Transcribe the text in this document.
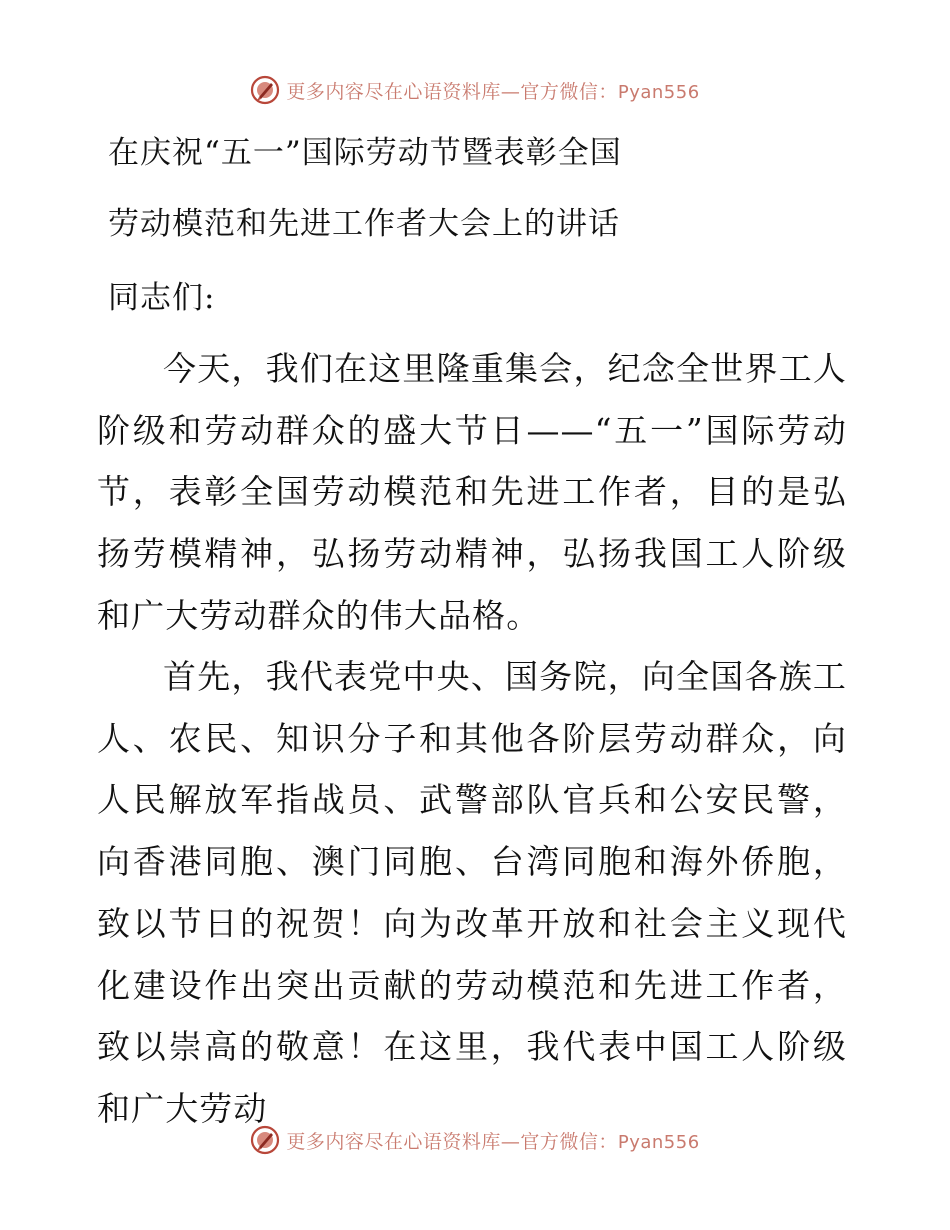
更多内容尽在心语资料库—官方微信：Pyan556
在庆祝“五一”国际劳动节暨表彰全国
劳动模范和先进工作者大会上的讲话
同志们:

今天，我们在这里隆重集会，纪念全世界工人阶级和劳动群众的盛大节日——“五一”国际劳动节，表彰全国劳动模范和先进工作者，目的是弘扬劳模精神，弘扬劳动精神，弘扬我国工人阶级和广大劳动群众的伟大品格。

首先，我代表党中央、国务院，向全国各族工人、农民、知识分子和其他各阶层劳动群众，向人民解放军指战员、武警部队官兵和公安民警，向香港同胞、澳门同胞、台湾同胞和海外侨胞，致以节日的祝贺！向为改革开放和社会主义现代化建设作出突出贡献的劳动模范和先进工作者，致以崇高的敬意！在这里，我代表中国工人阶级和广大劳动

更多内容尽在心语资料库—官方微信：Pyan556
